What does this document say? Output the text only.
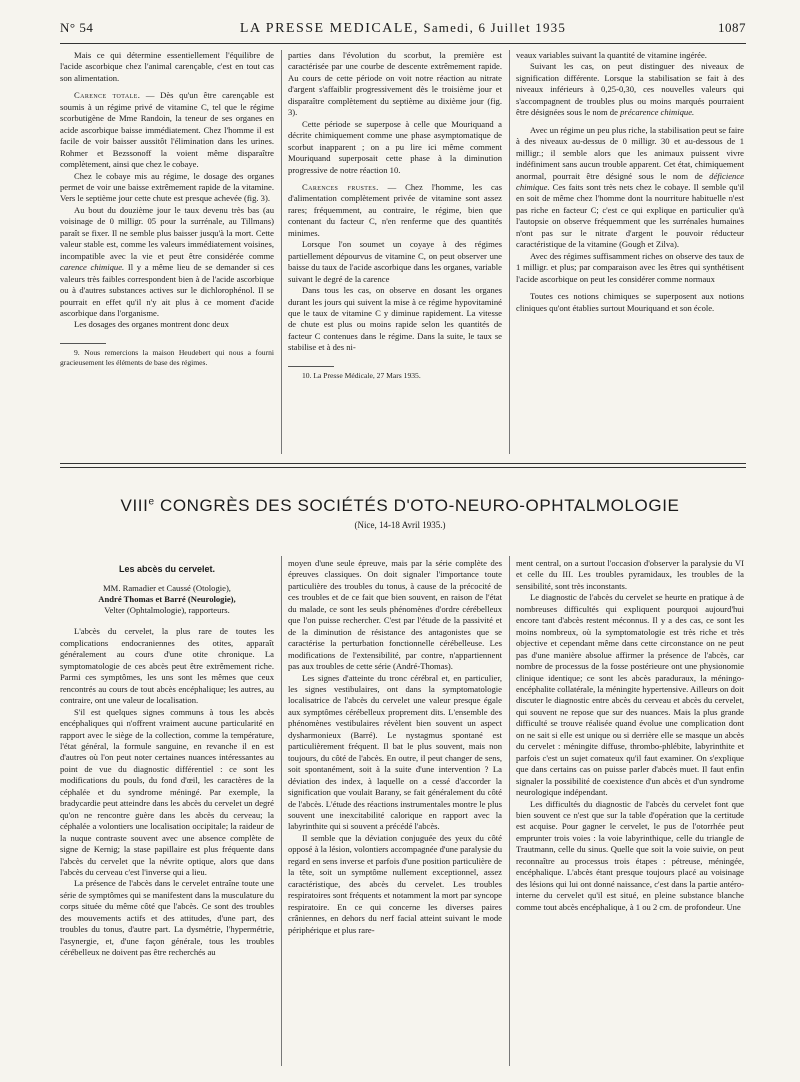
N° 54	LA PRESSE MEDICALE, Samedi, 6 Juillet 1935	1087

Mais ce qui détermine essentiellement l'équilibre de l'acide ascorbique chez l'animal carençable, c'est en tout cas son alimentation.

Carence totale. — Dès qu'un être carençable est soumis à un régime privé de vitamine C, tel que le régime scorbutigène de Mme Randoin, la teneur de ses organes en acide ascorbique baisse immédiatement. Chez l'homme il est facile de voir baisser aussitôt l'élimination dans les urines. Rohmer et Bezssonoff la voient même disparaître complètement, ainsi que chez le cobaye.

Chez le cobaye mis au régime, le dosage des organes permet de voir une baisse extrêmement rapide de la vitamine. Vers le septième jour cette chute est presque achevée (fig. 3).

Au bout du douzième jour le taux devenu très bas (au voisinage de 0 milligr. 05 pour la surrénale, au Tillmans) paraît se fixer. Il ne semble plus baisser jusqu'à la mort. Cette valeur stable est, comme les valeurs immédiatement voisines, incompatible avec la vie et peut être considérée comme carence chimique. Il y a même lieu de se demander si ces valeurs très faibles correspondent bien à de l'acide ascorbique ou à d'autres substances actives sur le dichlorophénol. Il se pourrait en effet qu'il n'y ait plus à ce moment d'acide ascorbique dans l'organisme.

Les dosages des organes montrent donc deux

9. Nous remercions la maison Heudebert qui nous a fourni gracieusement les éléments de base des régimes.

parties dans l'évolution du scorbut, la première est caractérisée par une courbe de descente extrêmement rapide. Au cours de cette période on voit notre réaction au nitrate d'argent s'affaiblir progressivement dès le troisième jour et disparaître complètement du septième au dixième jour (fig. 3).

Cette période se superpose à celle que Mouriquand a décrite chimiquement comme une phase asymptomatique de scorbut inapparent ; on a pu lire ici même comment Mouriquand superposait cette phase à la diminution progressive de notre réaction 10.

Carences frustes. — Chez l'homme, les cas d'alimentation complètement privée de vitamine sont assez rares; fréquemment, au contraire, le régime, bien que contenant du facteur C, n'en renferme que des quantités minimes.

Lorsque l'on soumet un coyaye à des régimes partiellement dépourvus de vitamine C, on peut observer une baisse du taux de l'acide ascorbique dans les organes, variable suivant le degré de la carence

Dans tous les cas, on observe en dosant les organes durant les jours qui suivent la mise à ce régime hypovitaminé que le taux de vitamine C y diminue rapidement. La vitesse de chute est plus ou moins rapide selon les quantités de facteur C contenues dans le régime. Dans la suite, le taux se stabilise et à des ni-

10. La Presse Médicale, 27 Mars 1935.

veaux variables suivant la quantité de vitamine ingérée.

Suivant les cas, on peut distinguer des niveaux de signification différente. Lorsque la stabilisation se fait à des niveaux inférieurs à 0,25-0,30, ces nouvelles valeurs qui s'accompagnent de troubles plus ou moins marqués pourraient être désignées sous le nom de précarence chimique.

Avec un régime un peu plus riche, la stabilisation peut se faire à des niveaux au-dessus de 0 milligr. 30 et au-dessous de 1 milligr.; il semble alors que les animaux puissent vivre indéfiniment sans aucun trouble apparent. Cet état, chimiquement anormal, pourrait être désigné sous le nom de déficience chimique. Ces faits sont très nets chez le cobaye. Il semble qu'il en soit de même chez l'homme dont la nourriture habituelle n'est pas riche en facteur C; c'est ce qui explique en particulier qu'à l'autopsie on observe fréquemment que les surrénales humaines n'ont pas sur le nitrate d'argent le pouvoir réducteur caractéristique de la vitamine (Gough et Zilva).

Avec des régimes suffisamment riches on observe des taux de 1 milligr. et plus; par comparaison avec les êtres qui synthétisent l'acide ascorbique on peut les considérer comme normaux

Toutes ces notions chimiques se superposent aux notions cliniques qu'ont établies surtout Mouriquand et son école.

VIIIe CONGRÈS DES SOCIÉTÉS D'OTO-NEURO-OPHTALMOLOGIE
(Nice, 14-18 Avril 1935.)
Les abcès du cervelet.
MM. Ramadier et Caussé (Otologie),
André Thomas et Barré (Neurologie),
Velter (Ophtalmologie), rapporteurs.

L'abcès du cervelet, la plus rare de toutes les complications endocraniennes des otites, apparaît généralement au cours d'une otite chronique. La symptomatologie de ces abcès peut être extrêmement riche. Parmi ces symptômes, les uns sont les mêmes que ceux rencontrés au cours de tout abcès encéphalique; les autres, au contraire, ont une valeur de localisation.

S'il est quelques signes communs à tous les abcès encéphaliques qui n'offrent vraiment aucune particularité en rapport avec le siège de la collection, comme la température, l'état général, la formule sanguine, en revanche il en est d'autres où l'on peut noter certaines nuances intéressantes au point de vue du diagnostic différentiel : ce sont les modifications du pouls, du fond d'œil, les caractères de la céphalée et du syndrome méningé. Par exemple, la bradycardie peut atteindre dans les abcès du cervelet un degré qu'on ne rencontre guère dans les abcès du cerveau; la céphalée a volontiers une localisation occipitale; la raideur de la nuque contraste souvent avec une absence complète de signe de Kernig; la stase papillaire est plus fréquente dans l'abcès du cervelet que la névrite optique, alors que dans l'abcès du cerveau c'est l'inverse qui a lieu.

La présence de l'abcès dans le cervelet entraîne toute une série de symptômes qui se manifestent dans la musculature du corps située du même côté que l'abcès. Ce sont des troubles des mouvements actifs et des attitudes, d'une part, des troubles du tonus, d'autre part. La dysmétrie, l'hypermétrie, l'asynergie, et, d'une façon générale, tous les troubles cérébelleux ne doivent pas être recherchés au

moyen d'une seule épreuve, mais par la série complète des épreuves classiques. On doit signaler l'importance toute particulière des troubles du tonus, à cause de la précocité de ces troubles et de ce fait que bien souvent, en raison de l'état du malade, ce sont les seuls phénomènes d'ordre cérébelleux que l'on puisse rechercher. C'est par l'étude de la passivité et de la diminution de résistance des antagonistes que se caractérise la perturbation fonctionnelle cérébelleuse. Les modifications de l'extensibilité, par contre, n'appartiennent pas aux troubles de cette série (André-Thomas).

Les signes d'atteinte du tronc cérébral et, en particulier, les signes vestibulaires, ont dans la symptomatologie localisatrice de l'abcès du cervelet une valeur presque égale aux symptômes cérébelleux proprement dits. L'ensemble des phénomènes vestibulaires révèlent bien souvent un aspect dysharmonieux (Barré). Le nystagmus spontané est particulièrement fréquent. Il bat le plus souvent, mais non toujours, du côté de l'abcès. En outre, il peut changer de sens, soit spontanément, soit à la suite d'une intervention ? La déviation des index, à laquelle on a cessé d'accorder la signification que voulait Barany, se fait généralement du côté de l'abcès. L'étude des réactions instrumentales montre le plus souvent une inexcitabilité calorique en rapport avec la labyrinthite qui si souvent a précédé l'abcès.

Il semble que la déviation conjuguée des yeux du côté opposé à la lésion, volontiers accompagnée d'une paralysie du regard en sens inverse et parfois d'une position particulière de la tête, soit un symptôme nullement exceptionnel, assez caractéristique, des abcès du cervelet. Les troubles respiratoires sont fréquents et notamment la mort par syncope respiratoire. En ce qui concerne les diverses paires crâniennes, en dehors du nerf facial atteint suivant le mode périphérique et plus rare-

ment central, on a surtout l'occasion d'observer la paralysie du VI et celle du III. Les troubles pyramidaux, les troubles de la sensibilité, sont très inconstants.

Le diagnostic de l'abcès du cervelet se heurte en pratique à de nombreuses difficultés qui expliquent pourquoi aujourd'hui encore tant d'abcès restent méconnus. Il y a des cas, ce sont les moins nombreux, où la symptomatologie est très riche et très objective et cependant même dans cette circonstance on ne peut pas d'une manière absolue affirmer la présence de l'abcès, car nombre de processus de la fosse postérieure ont une physionomie clinique identique; ce sont les abcès paraduraux, la méningo-encéphalite collatérale, la méningite hypertensive. Ailleurs on doit discuter le diagnostic entre abcès du cerveau et abcès du cervelet, qui souvent ne repose que sur des nuances. Mais la plus grande difficulté se trouve réalisée quand évolue une complication dont on ne sait si elle est unique ou si derrière elle se masque un abcès du cervelet : méningite diffuse, thrombo-phlébite, labyrinthite et parfois c'est un sujet comateux qu'il faut examiner. On s'explique que dans certains cas on puisse parler d'abcès muet. Il faut enfin signaler la possibilité de coexistence d'un abcès et d'un syndrome neurologique indépendant.

Les difficultés du diagnostic de l'abcès du cervelet font que bien souvent ce n'est que sur la table d'opération que la certitude est acquise. Pour gagner le cervelet, le pus de l'otorrhée peut emprunter trois voies : la voie labyrinthique, celle du triangle de Trautmann, celle du sinus. Quelle que soit la voie suivie, on peut reconnaître au processus trois étapes : pétreuse, méningée, encéphalique. L'abcès étant presque toujours placé au voisinage des lésions qui lui ont donné naissance, c'est dans la partie antéro-interne du cervelet qu'il est situé, en pleine substance blanche comme tout abcès encéphalique, à 1 ou 2 cm. de profondeur. Une
